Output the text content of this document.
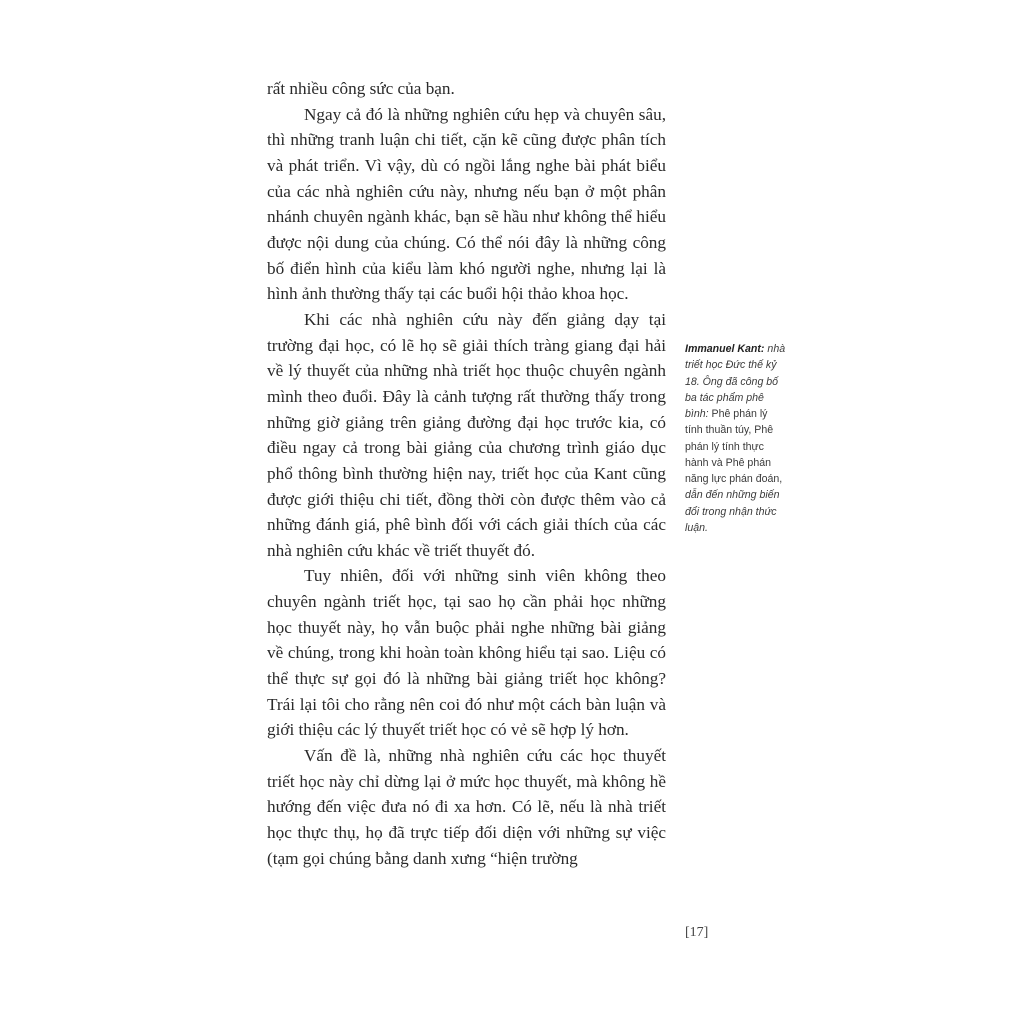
rất nhiều công sức của bạn.

Ngay cả đó là những nghiên cứu hẹp và chuyên sâu, thì những tranh luận chi tiết, cặn kẽ cũng được phân tích và phát triển. Vì vậy, dù có ngồi lắng nghe bài phát biểu của các nhà nghiên cứu này, nhưng nếu bạn ở một phân nhánh chuyên ngành khác, bạn sẽ hầu như không thể hiểu được nội dung của chúng. Có thể nói đây là những công bố điển hình của kiểu làm khó người nghe, nhưng lại là hình ảnh thường thấy tại các buổi hội thảo khoa học.

Khi các nhà nghiên cứu này đến giảng dạy tại trường đại học, có lẽ họ sẽ giải thích tràng giang đại hải về lý thuyết của những nhà triết học thuộc chuyên ngành mình theo đuổi. Đây là cảnh tượng rất thường thấy trong những giờ giảng trên giảng đường đại học trước kia, có điều ngay cả trong bài giảng của chương trình giáo dục phổ thông bình thường hiện nay, triết học của Kant cũng được giới thiệu chi tiết, đồng thời còn được thêm vào cả những đánh giá, phê bình đối với cách giải thích của các nhà nghiên cứu khác về triết thuyết đó.

Tuy nhiên, đối với những sinh viên không theo chuyên ngành triết học, tại sao họ cần phải học những học thuyết này, họ vẫn buộc phải nghe những bài giảng về chúng, trong khi hoàn toàn không hiểu tại sao. Liệu có thể thực sự gọi đó là những bài giảng triết học không? Trái lại tôi cho rằng nên coi đó như một cách bàn luận và giới thiệu các lý thuyết triết học có vẻ sẽ hợp lý hơn.

Vấn đề là, những nhà nghiên cứu các học thuyết triết học này chỉ dừng lại ở mức học thuyết, mà không hề hướng đến việc đưa nó đi xa hơn. Có lẽ, nếu là nhà triết học thực thụ, họ đã trực tiếp đối diện với những sự việc (tạm gọi chúng bằng danh xưng “hiện trường

Immanuel Kant: nhà triết học Đức thế kỷ 18. Ông đã công bố ba tác phẩm phê bình: Phê phán lý tính thuần túy, Phê phán lý tính thực hành và Phê phán năng lực phán đoán, dẫn đến những biến đổi trong nhận thức luận.
[17]
